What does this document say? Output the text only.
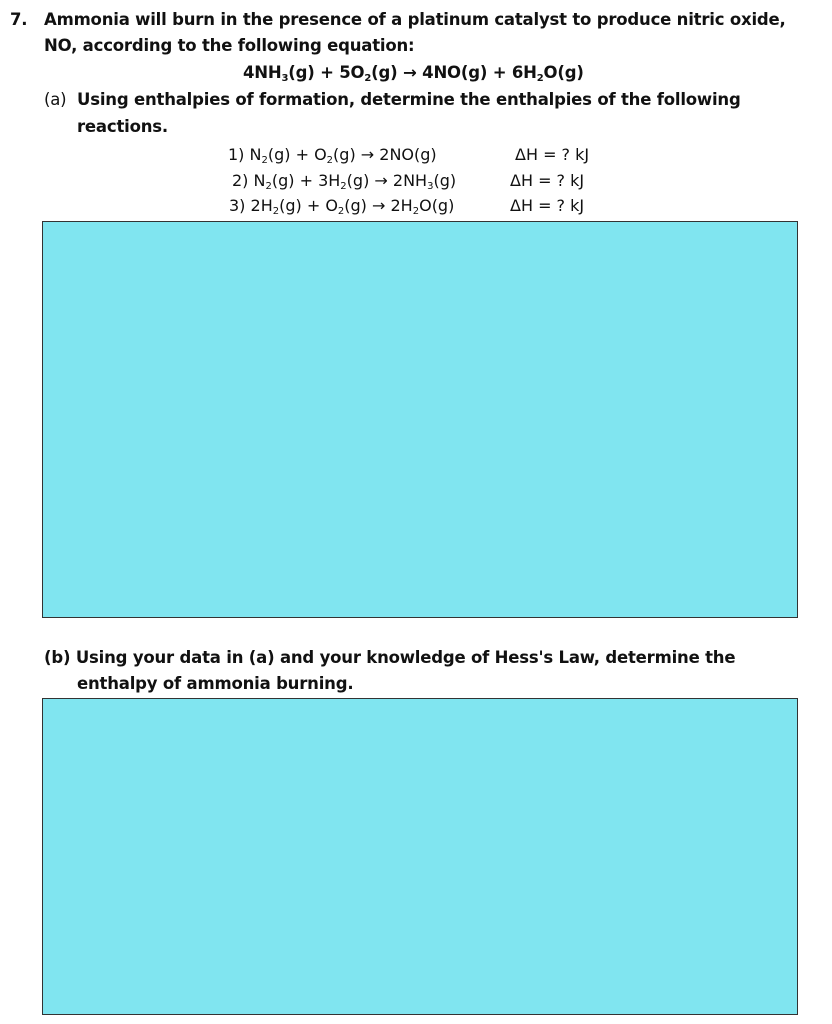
7. Ammonia will burn in the presence of a platinum catalyst to produce nitric oxide,
NO, according to the following equation:
$4NH_3(g) + 5O_2(g) \to 4NO(g) + 6H_2O(g)$
(a) Using enthalpies of formation, determine the enthalpies of the following
reactions.
1) $N_2(g) + O_2(g) \to 2NO(g)$	ΔH = ? kJ
2) $N_2(g) + 3H_2(g) \to 2NH_3(g)$	ΔH = ? kJ
3) $2H_2(g) + O_2(g) \to 2H_2O(g)$	ΔH = ? kJ
(b) Using your data in (a) and your knowledge of Hess's Law, determine the
enthalpy of ammonia burning.
